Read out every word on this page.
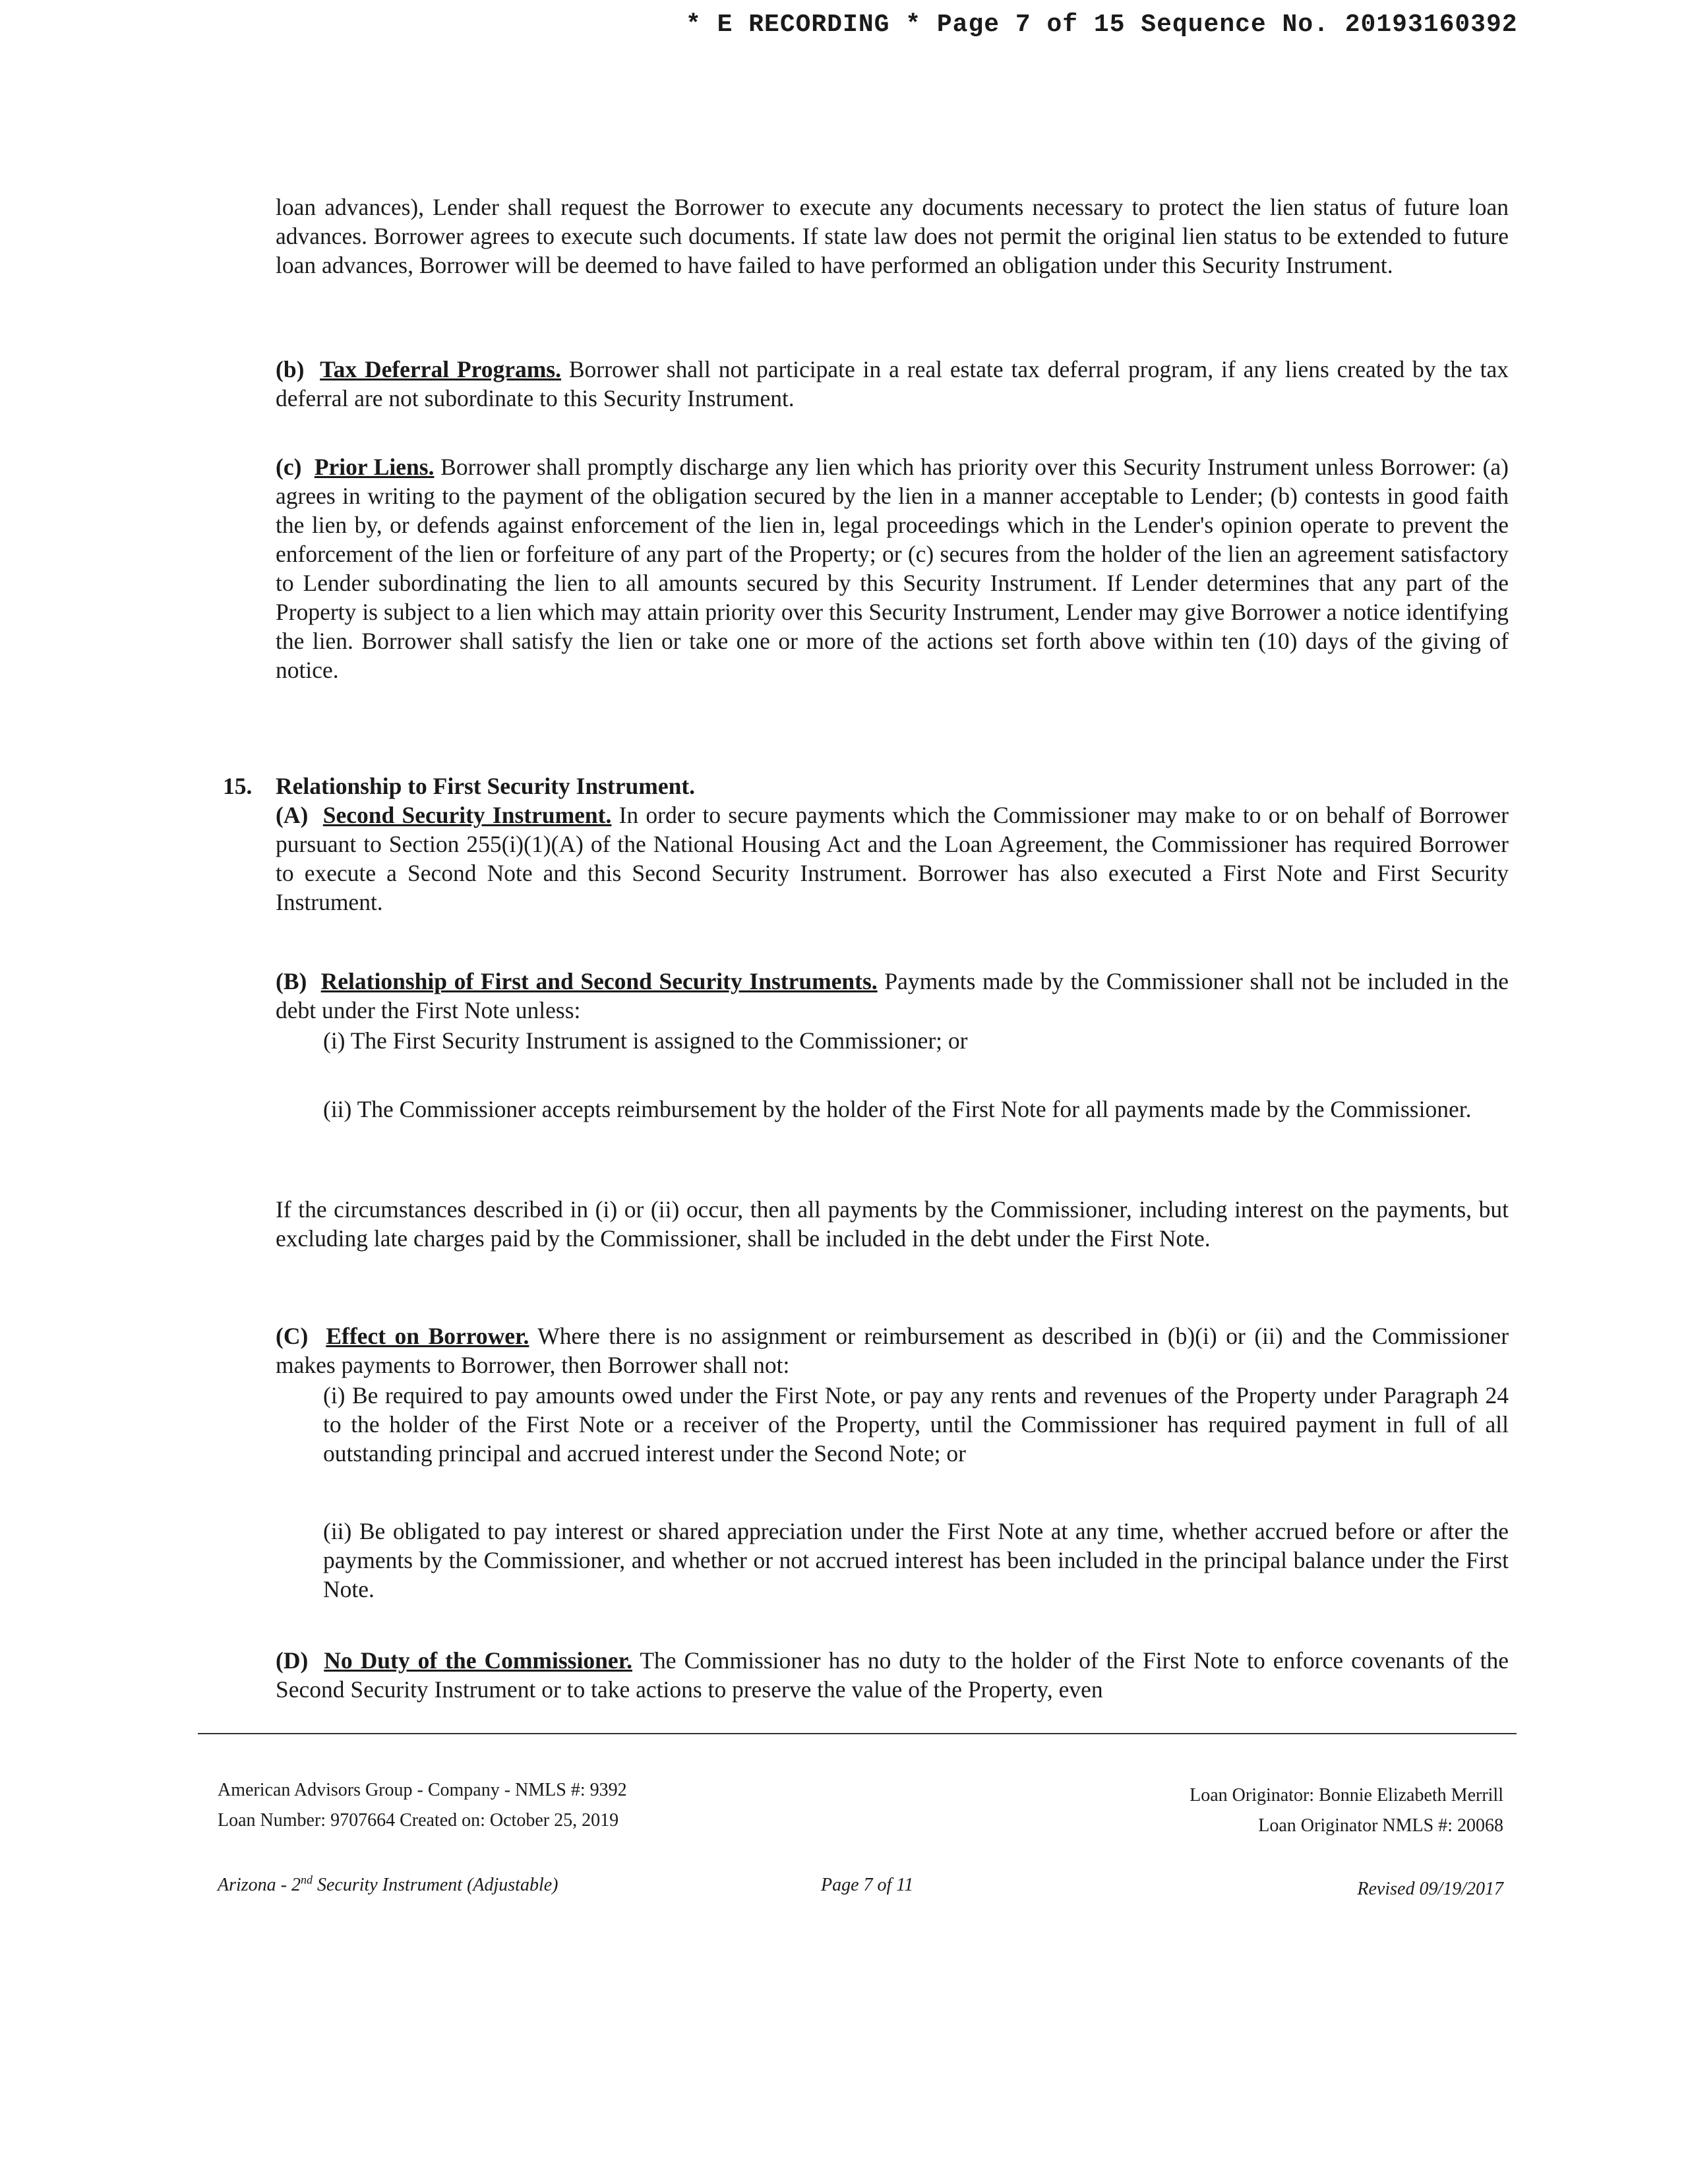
* E RECORDING * Page 7 of 15 Sequence No. 20193160392

loan advances), Lender shall request the Borrower to execute any documents necessary to protect the lien status of future loan advances. Borrower agrees to execute such documents. If state law does not permit the original lien status to be extended to future loan advances, Borrower will be deemed to have failed to have performed an obligation under this Security Instrument.

(b) Tax Deferral Programs. Borrower shall not participate in a real estate tax deferral program, if any liens created by the tax deferral are not subordinate to this Security Instrument.

(c) Prior Liens. Borrower shall promptly discharge any lien which has priority over this Security Instrument unless Borrower: (a) agrees in writing to the payment of the obligation secured by the lien in a manner acceptable to Lender; (b) contests in good faith the lien by, or defends against enforcement of the lien in, legal proceedings which in the Lender's opinion operate to prevent the enforcement of the lien or forfeiture of any part of the Property; or (c) secures from the holder of the lien an agreement satisfactory to Lender subordinating the lien to all amounts secured by this Security Instrument. If Lender determines that any part of the Property is subject to a lien which may attain priority over this Security Instrument, Lender may give Borrower a notice identifying the lien. Borrower shall satisfy the lien or take one or more of the actions set forth above within ten (10) days of the giving of notice.

15. Relationship to First Security Instrument.

(A) Second Security Instrument. In order to secure payments which the Commissioner may make to or on behalf of Borrower pursuant to Section 255(i)(1)(A) of the National Housing Act and the Loan Agreement, the Commissioner has required Borrower to execute a Second Note and this Second Security Instrument. Borrower has also executed a First Note and First Security Instrument.

(B) Relationship of First and Second Security Instruments. Payments made by the Commissioner shall not be included in the debt under the First Note unless:

(i) The First Security Instrument is assigned to the Commissioner; or

(ii) The Commissioner accepts reimbursement by the holder of the First Note for all payments made by the Commissioner.

If the circumstances described in (i) or (ii) occur, then all payments by the Commissioner, including interest on the payments, but excluding late charges paid by the Commissioner, shall be included in the debt under the First Note.

(C) Effect on Borrower. Where there is no assignment or reimbursement as described in (b)(i) or (ii) and the Commissioner makes payments to Borrower, then Borrower shall not:

(i) Be required to pay amounts owed under the First Note, or pay any rents and revenues of the Property under Paragraph 24 to the holder of the First Note or a receiver of the Property, until the Commissioner has required payment in full of all outstanding principal and accrued interest under the Second Note; or

(ii) Be obligated to pay interest or shared appreciation under the First Note at any time, whether accrued before or after the payments by the Commissioner, and whether or not accrued interest has been included in the principal balance under the First Note.

(D) No Duty of the Commissioner. The Commissioner has no duty to the holder of the First Note to enforce covenants of the Second Security Instrument or to take actions to preserve the value of the Property, even

American Advisors Group - Company - NMLS #: 9392
Loan Number: 9707664 Created on: October 25, 2019
Loan Originator: Bonnie Elizabeth Merrill
Loan Originator NMLS #: 20068
Arizona - 2nd Security Instrument (Adjustable)	Page 7 of 11	Revised 09/19/2017
